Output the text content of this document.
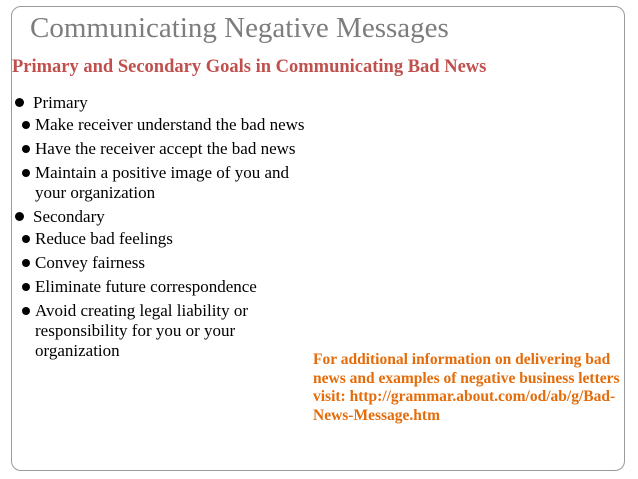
Communicating Negative Messages
Primary and Secondary Goals in Communicating Bad News
Primary
Make receiver understand the bad news
Have the receiver accept the bad news
Maintain a positive image of you and your organization
Secondary
Reduce bad feelings
Convey fairness
Eliminate future correspondence
Avoid creating legal liability or responsibility for you or your organization	For additional information on delivering bad news and examples of negative business letters visit: http://grammar.about.com/od/ab/g/Bad-News-Message.htm
